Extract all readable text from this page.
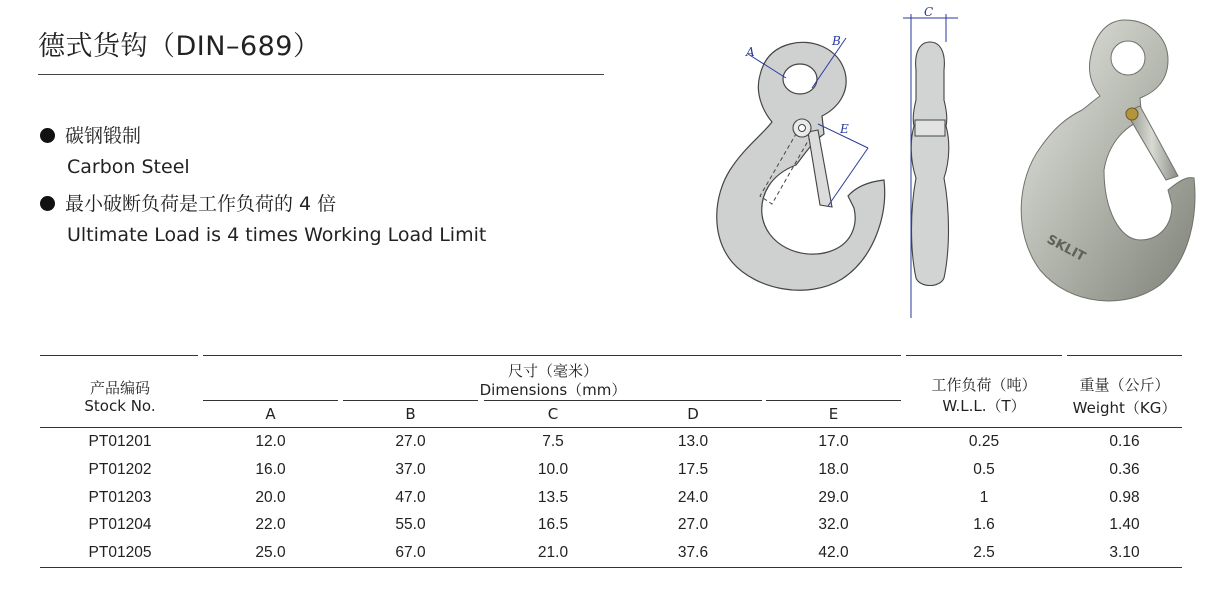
德式货钩（DIN–689）
碳钢锻制
Carbon Steel
最小破断负荷是工作负荷的 4 倍
Ultimate Load is 4 times Working Load Limit
A
B
E
C
SKLIT
产品编码
Stock No.
尺寸（毫米）
Dimensions（mm）
A	B	C	D	E
工作负荷（吨）
W.L.L.（T）
重量（公斤）
Weight（KG）
PT01201	12.0	27.0	7.5	13.0	17.0	0.25	0.16
PT01202	16.0	37.0	10.0	17.5	18.0	0.5	0.36
PT01203	20.0	47.0	13.5	24.0	29.0	1	0.98
PT01204	22.0	55.0	16.5	27.0	32.0	1.6	1.40
PT01205	25.0	67.0	21.0	37.6	42.0	2.5	3.10
